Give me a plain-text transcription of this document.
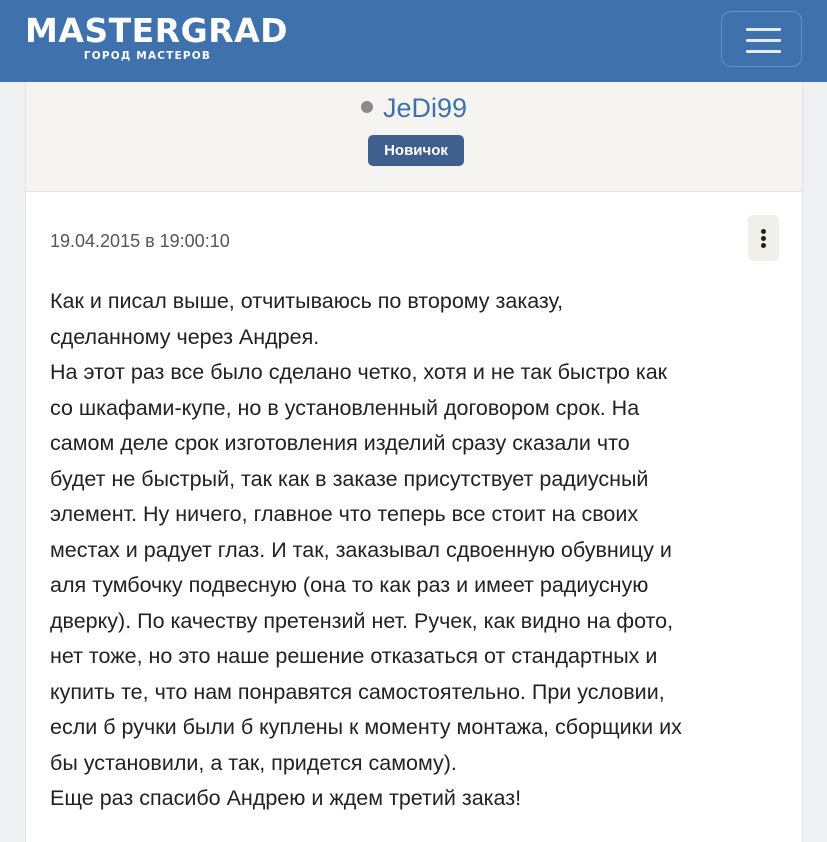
MASTERGRAD
ГОРОД МАСТЕРОВ
JeDi99
Новичок
19.04.2015 в 19:00:10

Как и писал выше, отчитываюсь по второму заказу,

сделанному через Андрея.

На этот раз все было сделано четко, хотя и не так быстро как

со шкафами-купе, но в установленный договором срок. На

самом деле срок изготовления изделий сразу сказали что

будет не быстрый, так как в заказе присутствует радиусный

элемент. Ну ничего, главное что теперь все стоит на своих

местах и радует глаз. И так, заказывал сдвоенную обувницу и

аля тумбочку подвесную (она то как раз и имеет радиусную

дверку). По качеству претензий нет. Ручек, как видно на фото,

нет тоже, но это наше решение отказаться от стандартных и

купить те, что нам понравятся самостоятельно. При условии,

если б ручки были б куплены к моменту монтажа, сборщики их

бы установили, а так, придется самому).

Еще раз спасибо Андрею и ждем третий заказ!
